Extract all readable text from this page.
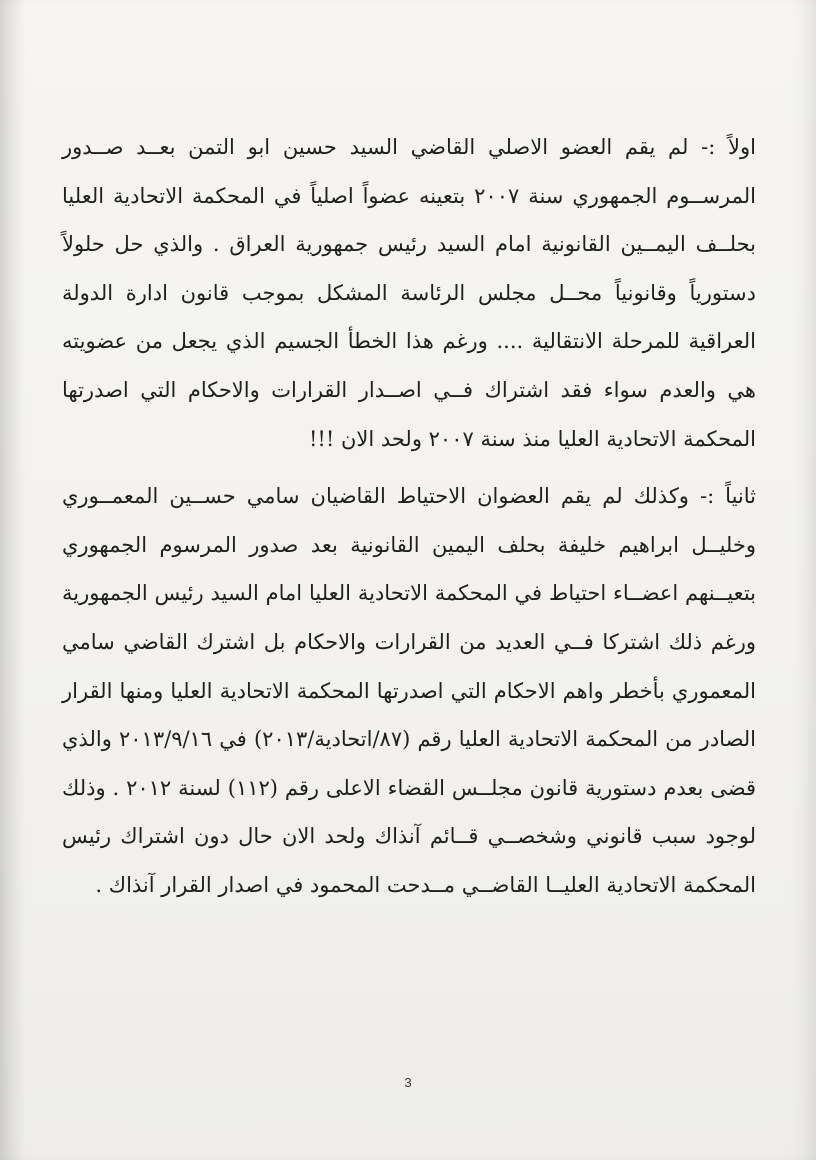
اولاً :- لم يقم العضو الاصلي القاضي السيد حسين ابو التمن بعــد صــدور المرســوم الجمهوري سنة ٢٠٠٧ بتعينه عضواً اصلياً في المحكمة الاتحادية العليا بحلــف اليمــين القانونية امام السيد رئيس جمهورية العراق . والذي حل حلولاً دستورياً وقانونياً محــل مجلس الرئاسة المشكل بموجب قانون ادارة الدولة العراقية للمرحلة الانتقالية .... ورغم هذا الخطأ الجسيم الذي يجعل من عضويته هي والعدم سواء فقد اشتراك فــي اصــدار القرارات والاحكام التي اصدرتها المحكمة الاتحادية العليا منذ سنة ٢٠٠٧ ولحد الان !!!

ثانياً :- وكذلك لم يقم العضوان الاحتياط القاضيان سامي حســين المعمــوري وخليــل ابراهيم خليفة بحلف اليمين القانونية بعد صدور المرسوم الجمهوري بتعيــنهم اعضــاء احتياط في المحكمة الاتحادية العليا امام السيد رئيس الجمهورية ورغم ذلك اشتركا فــي العديد من القرارات والاحكام بل اشترك القاضي سامي المعموري بأخطر واهم الاحكام التي اصدرتها المحكمة الاتحادية العليا ومنها القرار الصادر من المحكمة الاتحادية العليا رقم (٨٧/اتحادية/٢٠١٣) في ٢٠١٣/٩/١٦ والذي قضى بعدم دستورية قانون مجلــس القضاء الاعلى رقم (١١٢) لسنة ٢٠١٢ . وذلك لوجود سبب قانوني وشخصــي قــائم آنذاك ولحد الان حال دون اشتراك رئيس المحكمة الاتحادية العليــا القاضــي مــدحت المحمود في اصدار القرار آنذاك .

3
